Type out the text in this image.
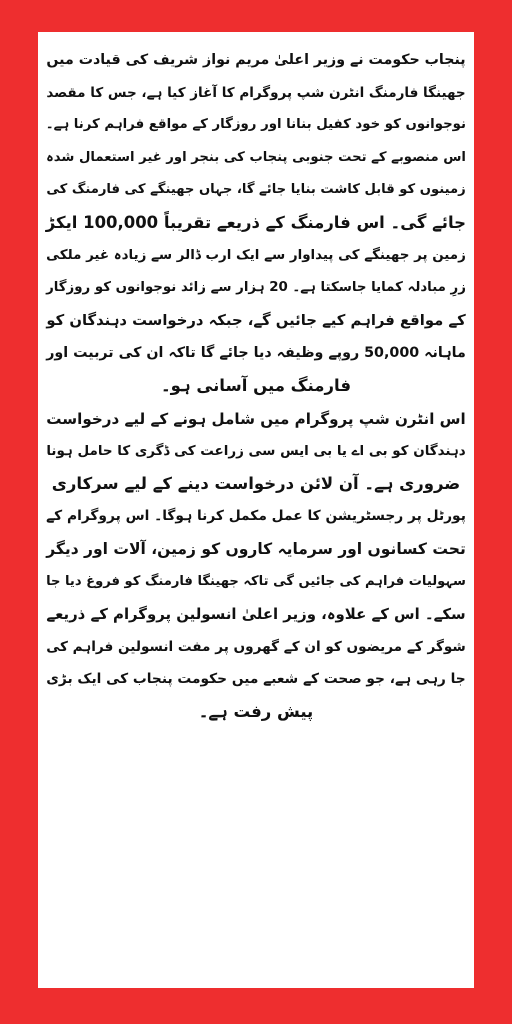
پنجاب حکومت نے وزیر اعلیٰ مریم نواز شریف کی قیادت میں
جھینگا فارمنگ انٹرن شپ پروگرام کا آغاز کیا ہے، جس کا مقصد
نوجوانوں کو خود کفیل بنانا اور روزگار کے مواقع فراہم کرنا ہے۔
اس منصوبے کے تحت جنوبی پنجاب کی بنجر اور غیر استعمال شدہ
زمینوں کو قابل کاشت بنایا جائے گا، جہاں جھینگے کی فارمنگ کی
جائے گی۔ اس فارمنگ کے ذریعے تقریباً 100,000 ایکڑ
زمین پر جھینگے کی پیداوار سے ایک ارب ڈالر سے زیادہ غیر ملکی
زرِ مبادلہ کمایا جاسکتا ہے۔ 20 ہزار سے زائد نوجوانوں کو روزگار
کے مواقع فراہم کیے جائیں گے، جبکہ درخواست دہندگان کو
ماہانہ 50,000 روپے وظیفہ دیا جائے گا تاکہ ان کی تربیت اور
فارمنگ میں آسانی ہو۔

اس انٹرن شپ پروگرام میں شامل ہونے کے لیے درخواست
دہندگان کو بی اے یا بی ایس سی زراعت کی ڈگری کا حامل ہونا
ضروری ہے۔ آن لائن درخواست دینے کے لیے سرکاری
پورٹل پر رجسٹریشن کا عمل مکمل کرنا ہوگا۔ اس پروگرام کے
تحت کسانوں اور سرمایہ کاروں کو زمین، آلات اور دیگر
سہولیات فراہم کی جائیں گی تاکہ جھینگا فارمنگ کو فروغ دیا جا
سکے۔ اس کے علاوہ، وزیر اعلیٰ انسولین پروگرام کے ذریعے
شوگر کے مریضوں کو ان کے گھروں پر مفت انسولین فراہم کی
جا رہی ہے، جو صحت کے شعبے میں حکومت پنجاب کی ایک بڑی
پیش رفت ہے۔
